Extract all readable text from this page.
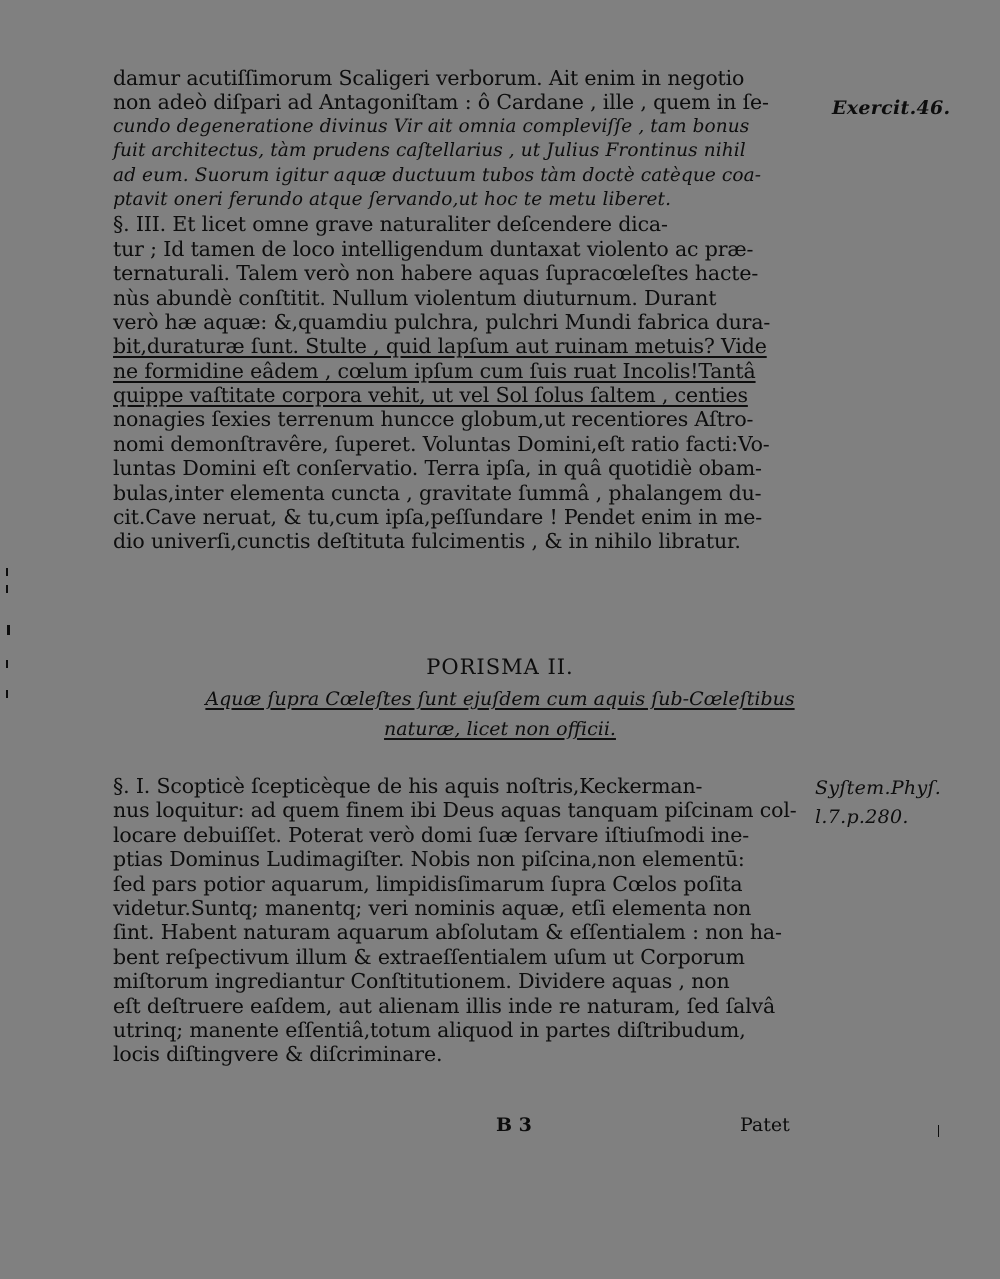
damur acutiſſimorum Scaligeri verborum. Ait enim in negotio
non adeò diſpari ad Antagoniſtam : ô Cardane , ille , quem in ſe-
cundo degeneratione divinus Vir ait omnia compleviſſe , tam bonus
fuit architectus, tàm prudens caſtellarius , ut Julius Frontinus nihil
ad eum. Suorum igitur aquæ ductuum tubos tàm doctè catèque coa-
ptavit oneri ferundo atque ſervando,ut hoc te metu liberet.
§. III. Et licet omne grave naturaliter deſcendere dica-
tur ; Id tamen de loco intelligendum duntaxat violento ac præ-
ternaturali. Talem verò non habere aquas ſupracœleſtes hacte-
nùs abundè conſtitit. Nullum violentum diuturnum. Durant
verò hæ aquæ: &,quamdiu pulchra, pulchri Mundi fabrica dura-
bit,duraturæ ſunt. Stulte , quid lapſum aut ruinam metuis? Vide
ne formidine eâdem , cœlum ipſum cum ſuis ruat Incolis!Tantâ
quippe vaſtitate corpora vehit, ut vel Sol ſolus ſaltem , centies
nonagies ſexies terrenum huncce globum,ut recentiores Aſtro-
nomi demonſtravêre, ſuperet. Voluntas Domini,eſt ratio facti:Vo-
luntas Domini eſt conſervatio. Terra ipſa, in quâ quotidiè obam-
bulas,inter elementa cuncta , gravitate ſummâ , phalangem du-
cit.Cave neruat, & tu,cum ipſa,peſſundare ! Pendet enim in me-
dio univerſi,cunctis deſtituta fulcimentis , & in nihilo libratur.
PORISMA II.
Aquæ ſupra Cœleſtes ſunt ejuſdem cum aquis ſub-Cœleſtibus
naturæ, licet non officii.
§. I. Scopticè ſcepticèque de his aquis noſtris,Keckerman-
nus loquitur: ad quem finem ibi Deus aquas tanquam piſcinam col-
locare debuiſſet. Poterat verò domi ſuæ ſervare iſtiuſmodi ine-
ptias Dominus Ludimagiſter. Nobis non piſcina,non elementū:
ſed pars potior aquarum, limpidisſimarum ſupra Cœlos poſita
videtur.Suntq; manentq; veri nominis aquæ, etſi elementa non
ſint. Habent naturam aquarum abſolutam & eſſentialem : non ha-
bent reſpectivum illum & extraeſſentialem uſum ut Corporum
miſtorum ingrediantur Conſtitutionem. Dividere aquas , non
eſt deſtruere eaſdem, aut alienam illis inde re naturam, ſed ſalvâ
utrinq; manente eſſentiâ,totum aliquod in partes diſtribudum,
locis diſtingvere & diſcriminare.
Exercit.46.
Syſtem.Phyſ.
l.7.p.280.
B 3	Patet
